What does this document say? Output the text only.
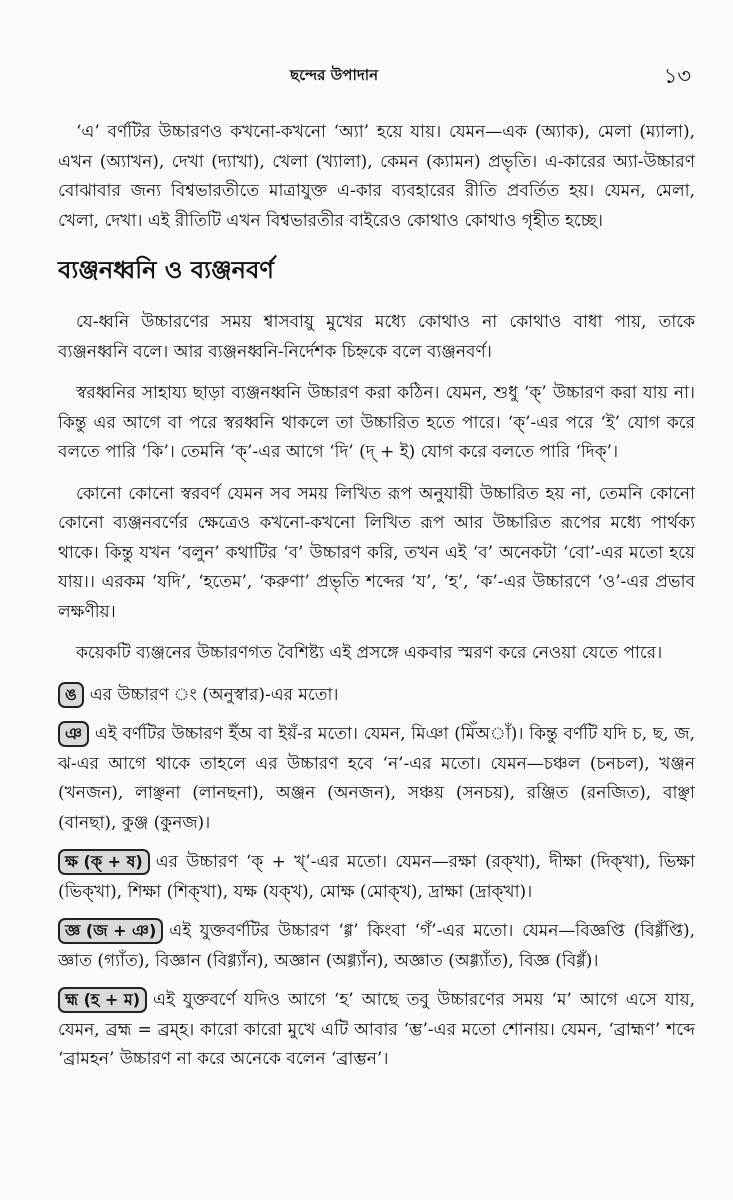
ছন্দের উপাদান	১৩

‘এ’ বর্ণটির উচ্চারণও কখনো-কখনো ‘অ্যা’ হয়ে যায়। যেমন—এক (অ্যাক), মেলা (ম্যালা), এখন (অ্যাখন), দেখা (দ্যাখা), খেলা (খ্যালা), কেমন (ক্যামন) প্রভৃতি। এ-কারের অ্যা-উচ্চারণ বোঝাবার জন্য বিশ্বভারতীতে মাত্রাযুক্ত এ-কার ব্যবহারের রীতি প্রবর্তিত হয়। যেমন, মেলা, খেলা, দেখা। এই রীতিটি এখন বিশ্বভারতীর বাইরেও কোথাও কোথাও গৃহীত হচ্ছে।

ব্যঞ্জনধ্বনি ও ব্যঞ্জনবর্ণ

যে-ধ্বনি উচ্চারণের সময় শ্বাসবায়ু মুখের মধ্যে কোথাও না কোথাও বাধা পায়, তাকে ব্যঞ্জনধ্বনি বলে। আর ব্যঞ্জনধ্বনি-নির্দেশক চিহ্নকে বলে ব্যঞ্জনবর্ণ।

স্বরধ্বনির সাহায্য ছাড়া ব্যঞ্জনধ্বনি উচ্চারণ করা কঠিন। যেমন, শুধু ‘ক্’ উচ্চারণ করা যায় না। কিন্তু এর আগে বা পরে স্বরধ্বনি থাকলে তা উচ্চারিত হতে পারে। ‘ক্’-এর পরে ‘ই’ যোগ করে বলতে পারি ‘কি’। তেমনি ‘ক্’-এর আগে ‘দি’ (দ্ + ই) যোগ করে বলতে পারি ‘দিক্’।

কোনো কোনো স্বরবর্ণ যেমন সব সময় লিখিত রূপ অনুযায়ী উচ্চারিত হয় না, তেমনি কোনো কোনো ব্যঞ্জনবর্ণের ক্ষেত্রেও কখনো-কখনো লিখিত রূপ আর উচ্চারিত রূপের মধ্যে পার্থক্য থাকে। কিন্তু যখন ‘বলুন’ কথাটির ‘ব’ উচ্চারণ করি, তখন এই ‘ব’ অনেকটা ‘বো’-এর মতো হয়ে যায়।। এরকম ‘যদি’, ‘হতেম’, ‘করুণা’ প্রভৃতি শব্দের ‘য’, ‘হ’, ‘ক’-এর উচ্চারণে ‘ও’-এর প্রভাব লক্ষণীয়।

কয়েকটি ব্যঞ্জনের উচ্চারণগত বৈশিষ্ট্য এই প্রসঙ্গে একবার স্মরণ করে নেওয়া যেতে পারে।

ঙ এর উচ্চারণ ং (অনুস্বার)-এর মতো।
ঞ এই বর্ণটির উচ্চারণ ইঁঅ বা ইয়ঁ-র মতো। যেমন, মিঞা (মিঁঅাঁ)। কিন্তু বর্ণটি যদি চ, ছ, জ, ঝ-এর আগে থাকে তাহলে এর উচ্চারণ হবে ‘ন’-এর মতো। যেমন—চঞ্চল (চনচল), খঞ্জন (খনজন), লাঞ্ছনা (লানছনা), অঞ্জন (অনজন), সঞ্চয় (সনচয়), রঞ্জিত (রনজিত), বাঞ্ছা (বানছা), কুঞ্জ (কুনজ)।
ক্ষ (ক্ + ষ) এর উচ্চারণ ‘ক্ + খ্’-এর মতো। যেমন—রক্ষা (রক্খা), দীক্ষা (দিক্খা), ভিক্ষা (ভিক্খা), শিক্ষা (শিক্খা), যক্ষ (যক্খ), মোক্ষ (মোক্খ), দ্রাক্ষা (দ্রাক্খা)।
জ্ঞ (জ + ঞ) এই যুক্তবর্ণটির উচ্চারণ ‘গ্গ’ কিংবা ‘গঁ’-এর মতো। যেমন—বিজ্ঞপ্তি (বিগ্গঁপ্তি), জ্ঞাত (গ্যাঁত), বিজ্ঞান (বিগ্গ্যাঁন), অজ্ঞান (অগ্গ্যাঁন), অজ্ঞাত (অগ্গ্যাঁত), বিজ্ঞ (বিগ্গঁ)।
হ্ম (হ + ম) এই যুক্তবর্ণে যদিও আগে ‘হ’ আছে তবু উচ্চারণের সময় ‘ম’ আগে এসে যায়, যেমন, ব্রহ্ম = ব্রম্হ। কারো কারো মুখে এটি আবার ‘ম্ভ’-এর মতো শোনায়। যেমন, ‘ব্রাহ্মণ’ শব্দে ‘ব্রামহন’ উচ্চারণ না করে অনেকে বলেন ‘ব্রাম্ভন’।
